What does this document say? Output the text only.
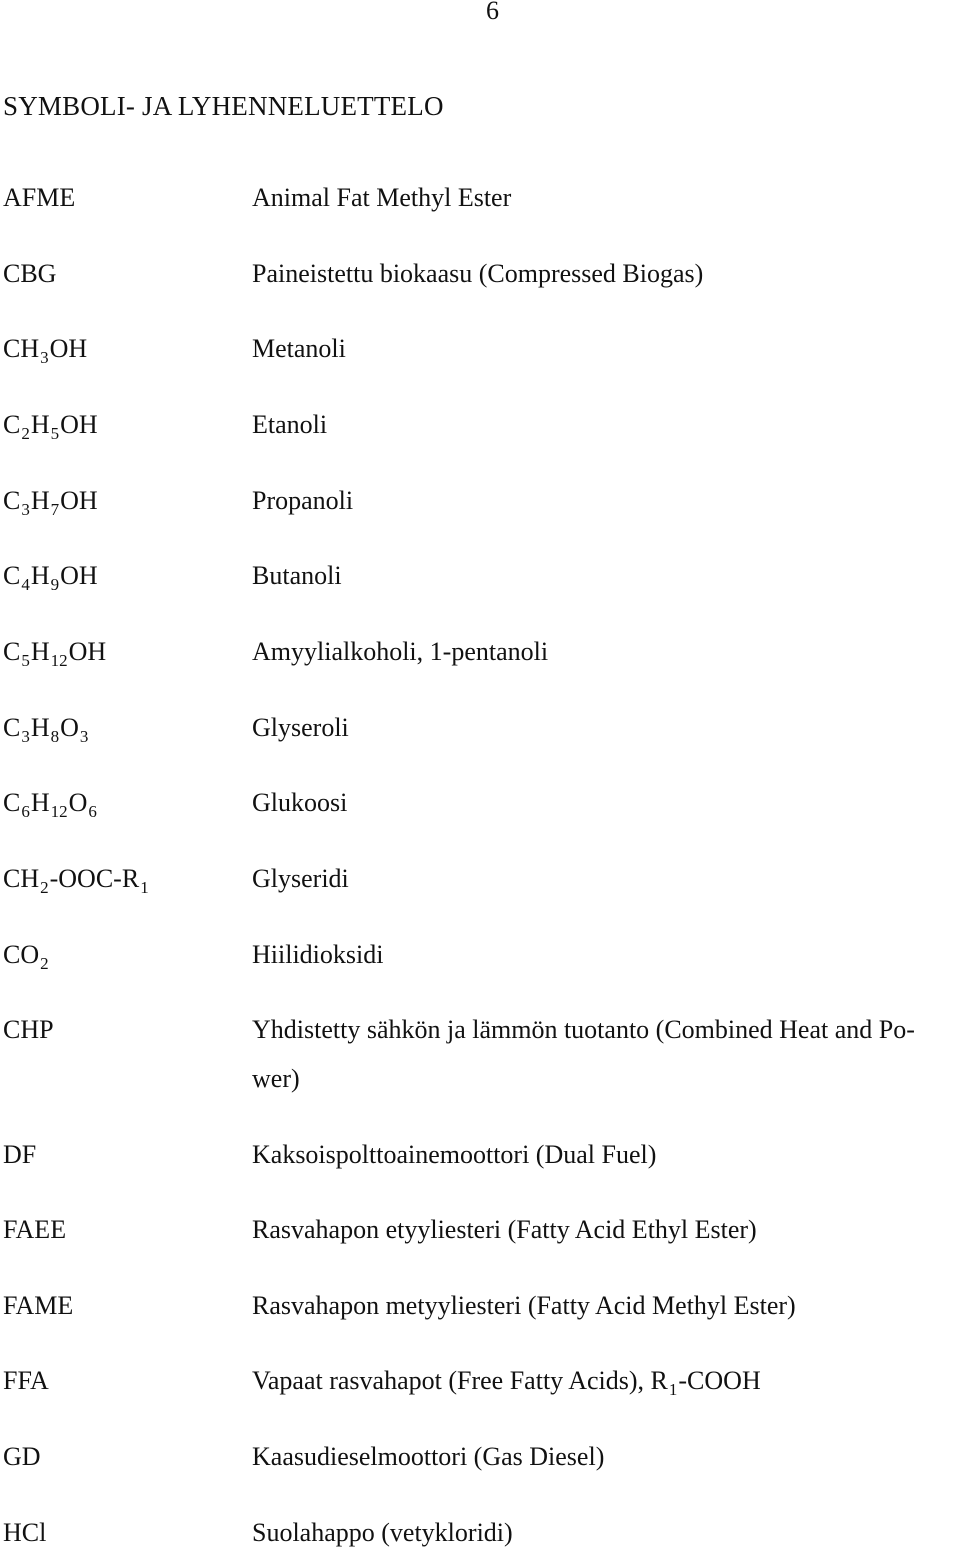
6
SYMBOLI- JA LYHENNELUETTELO
AFME	Animal Fat Methyl Ester
CBG	Paineistettu biokaasu (Compressed Biogas)
$CH_3OH$	Metanoli
$C_2H_5OH$	Etanoli
$C_3H_7OH$	Propanoli
$C_4H_9OH$	Butanoli
$C_5H_{12}OH$	Amyylialkoholi, 1-pentanoli
$C_3H_8O_3$	Glyseroli
$C_6H_{12}O_6$	Glukoosi
$CH_2-OOC-R_1$	Glyseridi
$CO_2$	Hiilidioksidi
CHP	Yhdistetty sähkön ja lämmön tuotanto (Combined Heat and Po-
wer)
DF	Kaksoispolttoainemoottori (Dual Fuel)
FAEE	Rasvahapon etyyliesteri (Fatty Acid Ethyl Ester)
FAME	Rasvahapon metyyliesteri (Fatty Acid Methyl Ester)
FFA	Vapaat rasvahapot (Free Fatty Acids), $R_1$-COOH
GD	Kaasudieselmoottori (Gas Diesel)
HCl	Suolahappo (vetykloridi)
